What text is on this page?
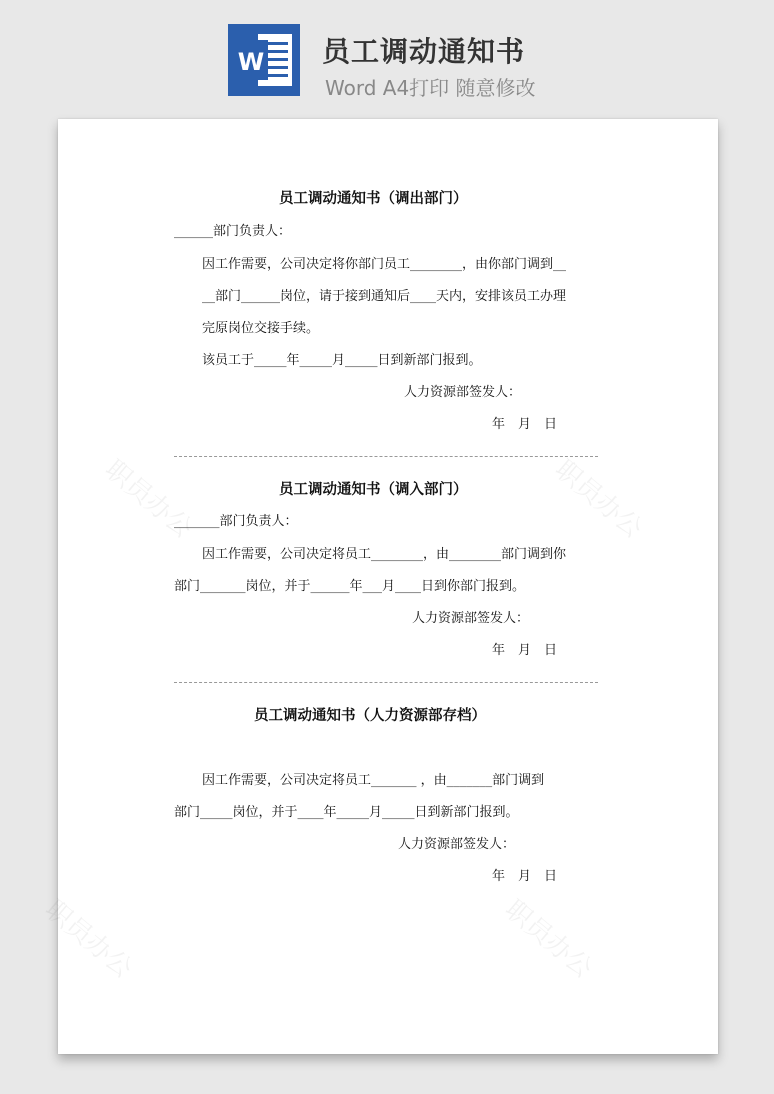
W 员工调动通知书
Word A4打印 随意修改
职员办公	职员办公
职员办公	职员办公
员工调动通知书（调出部门）
______部门负责人：
因工作需要，公司决定将你部门员工________，由你部门调到__
__部门______岗位，请于接到通知后____天内，安排该员工办理
完原岗位交接手续。
该员工于_____年_____月_____日到新部门报到。
人力资源部签发人：
年　月　日
员工调动通知书（调入部门）
_______部门负责人：
因工作需要，公司决定将员工________，由________部门调到你
部门_______岗位，并于______年___月____日到你部门报到。
人力资源部签发人：
年　月　日
员工调动通知书（人力资源部存档）
因工作需要，公司决定将员工_______ ，由_______部门调到
部门_____岗位，并于____年_____月_____日到新部门报到。
人力资源部签发人：
年　月　日
